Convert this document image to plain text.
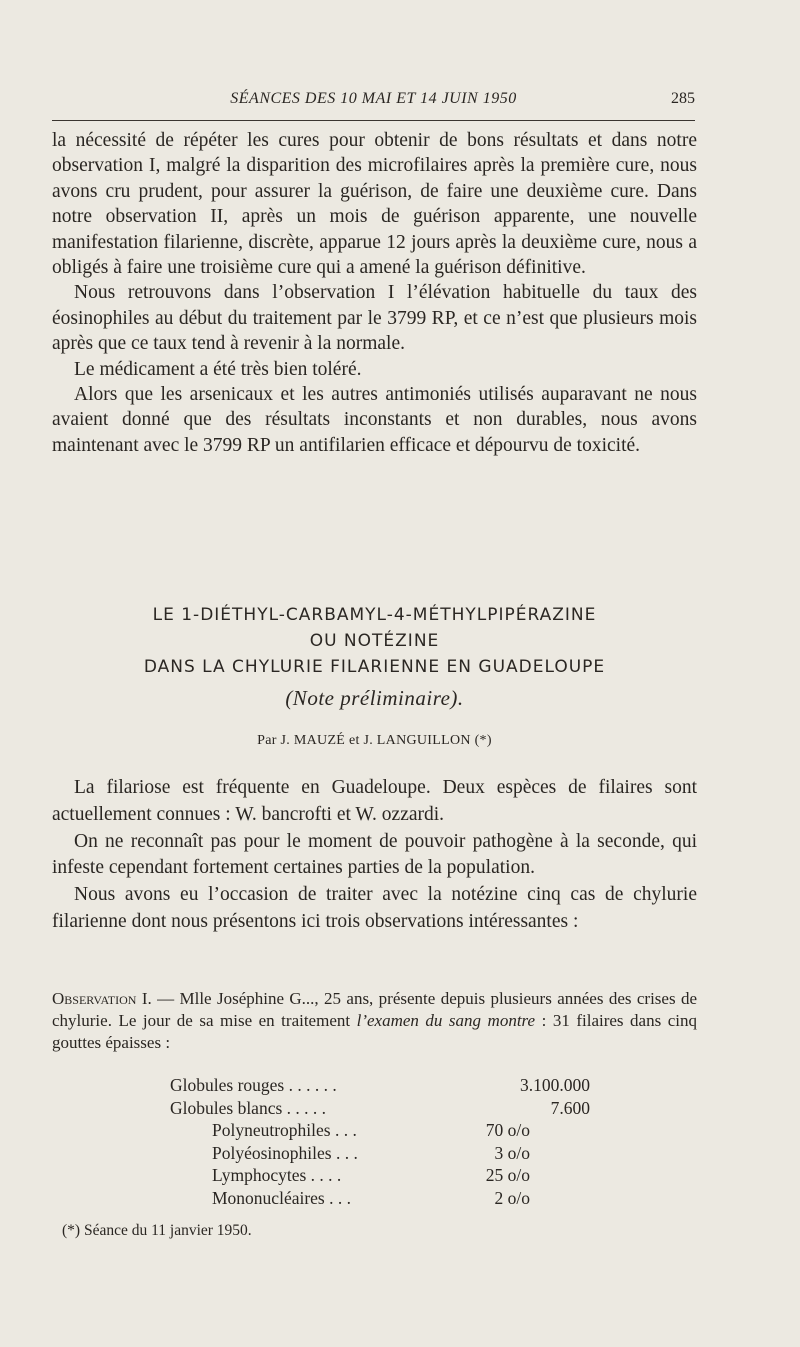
SÉANCES DES 10 MAI ET 14 JUIN 1950	285

la nécessité de répéter les cures pour obtenir de bons résultats et dans notre observation I, malgré la disparition des microfilaires après la première cure, nous avons cru prudent, pour assurer la guérison, de faire une deuxième cure. Dans notre observation II, après un mois de guérison apparente, une nouvelle manifestation filarienne, discrète, apparue 12 jours après la deuxième cure, nous a obligés à faire une troisième cure qui a amené la guérison définitive.

Nous retrouvons dans l’observation I l’élévation habituelle du taux des éosinophiles au début du traitement par le 3799 RP, et ce n’est que plusieurs mois après que ce taux tend à revenir à la normale.

Le médicament a été très bien toléré.

Alors que les arsenicaux et les autres antimoniés utilisés auparavant ne nous avaient donné que des résultats inconstants et non durables, nous avons maintenant avec le 3799 RP un antifilarien efficace et dépourvu de toxicité.

LE 1-DIÉTHYL-CARBAMYL-4-MÉTHYLPIPÉRAZINE
OU NOTÉZINE
DANS LA CHYLURIE FILARIENNE EN GUADELOUPE
(Note préliminaire).
Par J. MAUZÉ et J. LANGUILLON (*)

La filariose est fréquente en Guadeloupe. Deux espèces de filaires sont actuellement connues : W. bancrofti et W. ozzardi.

On ne reconnaît pas pour le moment de pouvoir pathogène à la seconde, qui infeste cependant fortement certaines parties de la population.

Nous avons eu l’occasion de traiter avec la notézine cinq cas de chylurie filarienne dont nous présentons ici trois observations intéressantes :

Observation I. — Mlle Joséphine G..., 25 ans, présente depuis plusieurs années des crises de chylurie. Le jour de sa mise en traitement l’examen du sang montre : 31 filaires dans cinq gouttes épaisses :
Globules rouges . . . . . .	3.100.000
Globules blancs . . . . .	7.600
Polyneutrophiles . . .	70 o/o
Polyéosinophiles . . .	3 o/o
Lymphocytes . . . .	25 o/o
Mononucléaires . . .	2 o/o
(*) Séance du 11 janvier 1950.
